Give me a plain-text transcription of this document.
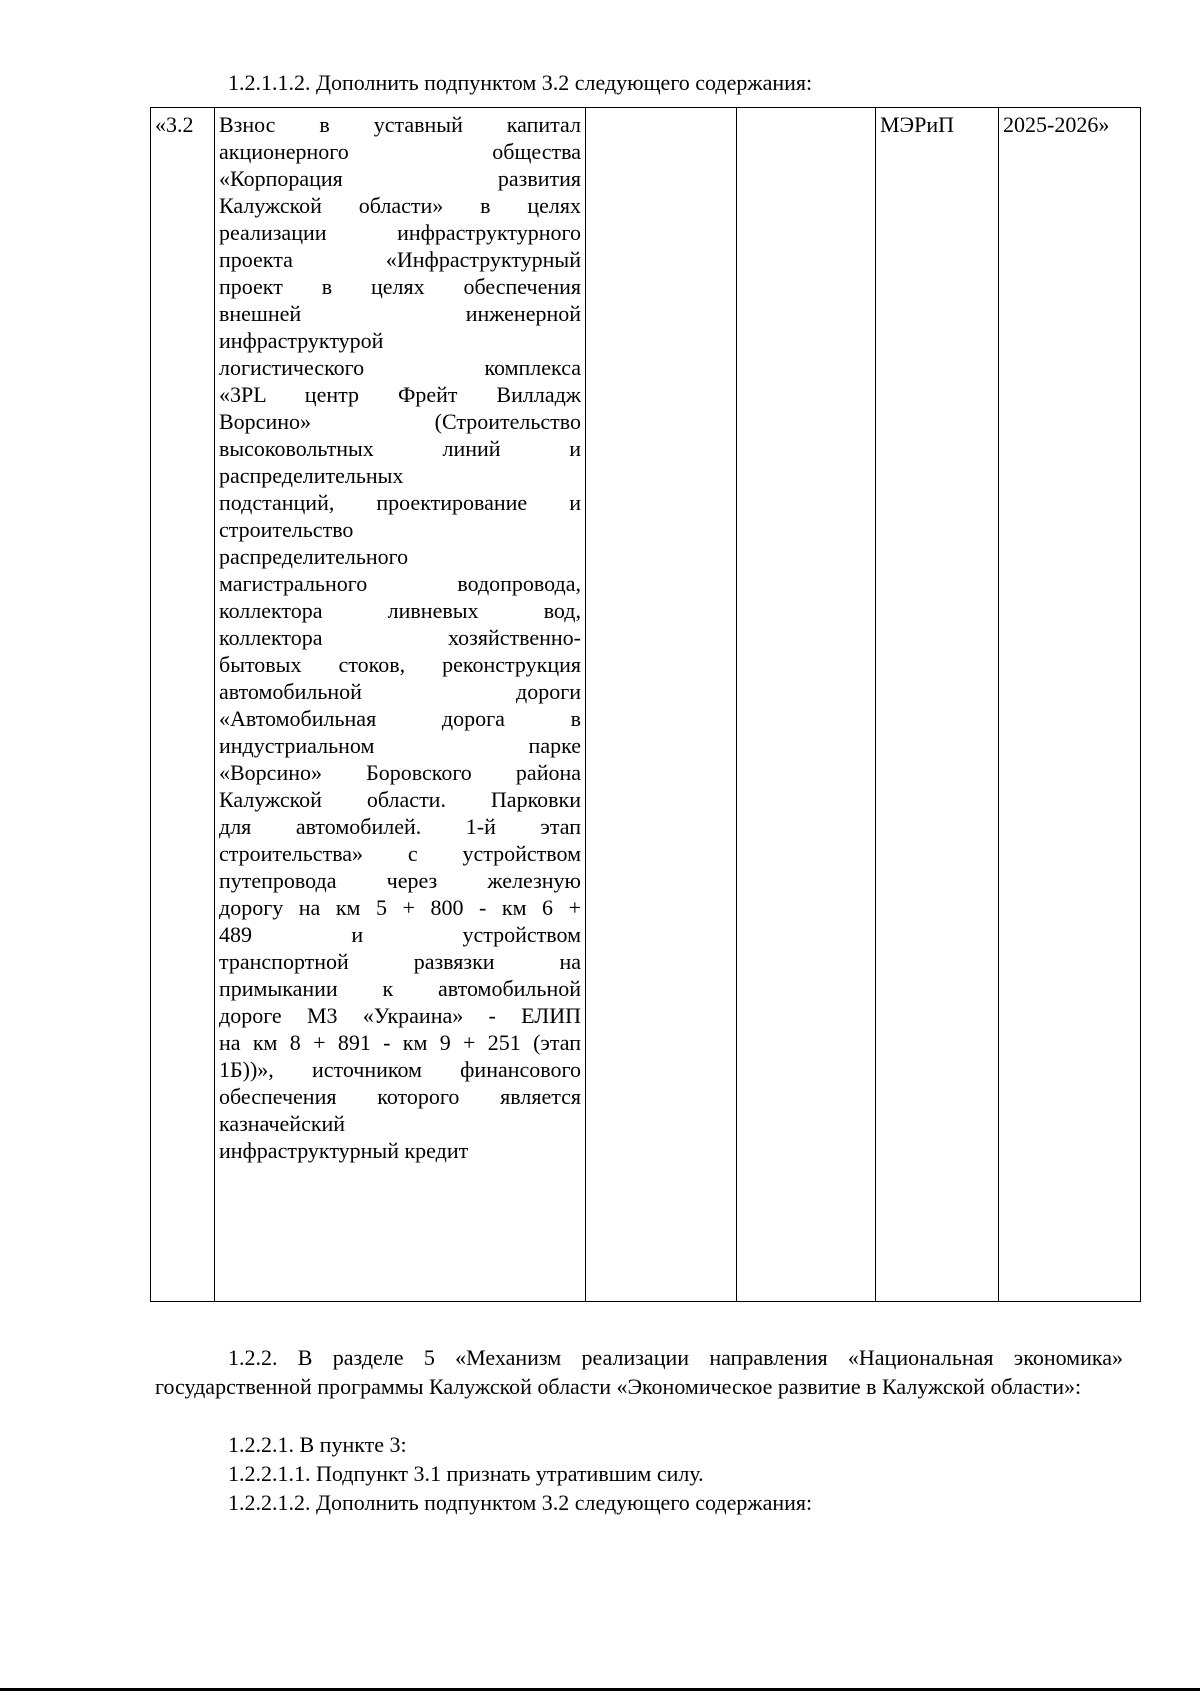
1.2.1.1.2. Дополнить подпунктом 3.2 следующего содержания:
«3.2	Взнос в уставный капитал
акционерного общества
«Корпорация развития
Калужской области» в целях
реализации инфраструктурного
проекта «Инфраструктурный
проект в целях обеспечения
внешней инженерной
инфраструктурой
логистического комплекса
«3PL центр Фрейт Вилладж
Ворсино» (Строительство
высоковольтных линий и
распределительных
подстанций, проектирование и
строительство
распределительного
магистрального водопровода,
коллектора ливневых вод,
коллектора хозяйственно-
бытовых стоков, реконструкция
автомобильной дороги
«Автомобильная дорога в
индустриальном парке
«Ворсино» Боровского района
Калужской области. Парковки
для автомобилей. 1-й этап
строительства» с устройством
путепровода через железную
дорогу на км 5 + 800 - км 6 +
489 и устройством
транспортной развязки на
примыкании к автомобильной
дороге М3 «Украина» - ЕЛИП
на км 8 + 891 - км 9 + 251 (этап
1Б))», источником финансового
обеспечения которого является
казначейский
инфраструктурный кредит
			МЭРиП	2025-2026»
1.2.2. В разделе 5 «Механизм реализации направления «Национальная экономика» государственной программы Калужской области «Экономическое развитие в Калужской области»:
1.2.2.1. В пункте 3:
1.2.2.1.1. Подпункт 3.1 признать утратившим силу.
1.2.2.1.2. Дополнить подпунктом 3.2 следующего содержания:
